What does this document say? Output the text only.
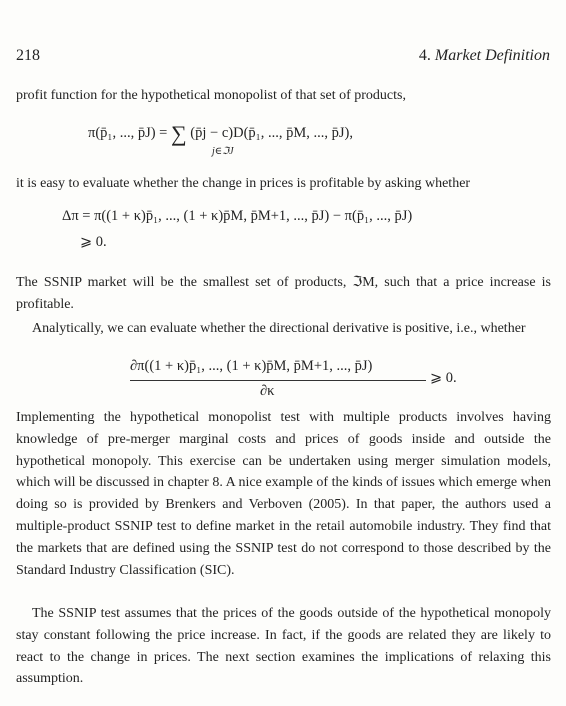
218	4. Market Definition

profit function for the hypothetical monopolist of that set of products,

π(p̄₁, ..., p̄J) = ∑ (p̄j − c)D(p̄₁, ..., p̄M, ..., p̄J),
j∈ℑJ

it is easy to evaluate whether the change in prices is profitable by asking whether

Δπ = π((1 + κ)p̄₁, ..., (1 + κ)p̄M, p̄M+1, ..., p̄J) − π(p̄₁, ..., p̄J)
⩾ 0.

The SSNIP market will be the smallest set of products, ℑM, such that a price increase is profitable.

Analytically, we can evaluate whether the directional derivative is positive, i.e., whether

∂π((1 + κ)p̄₁, ..., (1 + κ)p̄M, p̄M+1, ..., p̄J)
∂κ
⩾ 0.

Implementing the hypothetical monopolist test with multiple products involves having knowledge of pre-merger marginal costs and prices of goods inside and outside the hypothetical monopoly. This exercise can be undertaken using merger simulation models, which will be discussed in chapter 8. A nice example of the kinds of issues which emerge when doing so is provided by Brenkers and Verboven (2005). In that paper, the authors used a multiple-product SSNIP test to define market in the retail automobile industry. They find that the markets that are defined using the SSNIP test do not correspond to those described by the Standard Industry Classification (SIC).

The SSNIP test assumes that the prices of the goods outside of the hypothetical monopoly stay constant following the price increase. In fact, if the goods are related they are likely to react to the change in prices. The next section examines the implications of relaxing this assumption.
